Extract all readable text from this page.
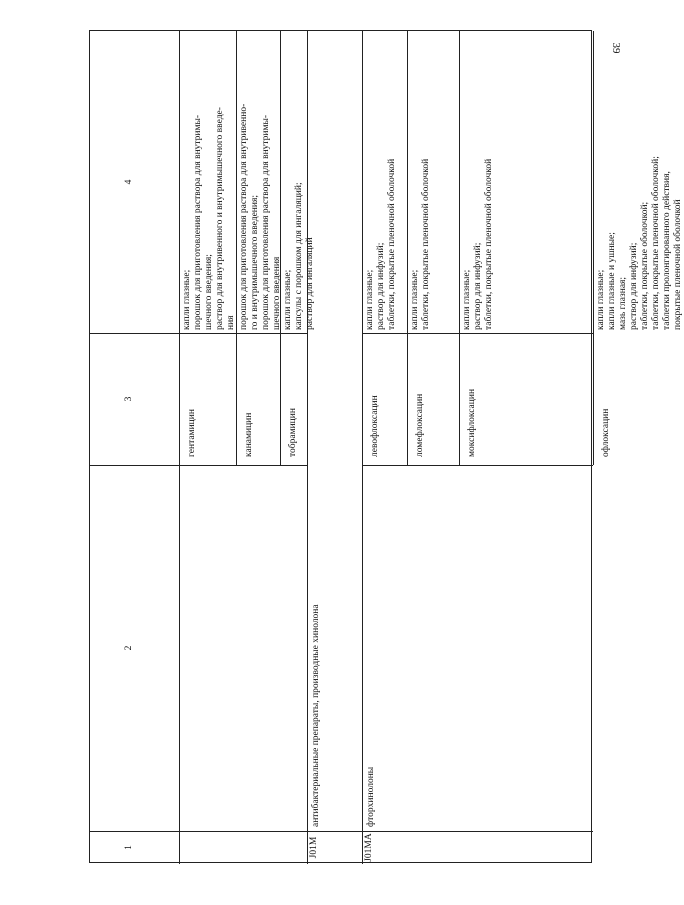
39
4
3
2
1
капли глазные; порошок для приготовления раствора для внутримы- шечного введения; раствор для внутривенного и внутримышечного введе- ния
гентамицин
порошок для приготовления раствора для внутривенно- го и внутримышечного введения; порошок для приготовления раствора для внутримы- шечного введения
канамицин
капли глазные; капсулы с порошком для ингаляций; раствор для ингаляций
тобрамицин
антибактериальные препараты, производные хинолона
J01M
капли глазные; раствор для инфузий; таблетки, покрытые пленочной оболочкой
левофлоксацин
фторхинолоны
J01MA
капли глазные; таблетки, покрытые пленочной оболочкой
ломефлоксацин
капли глазные; раствор для инфузий; таблетки, покрытые пленочной оболочкой
моксифлоксацин
капли глазные; капли глазные и ушные; мазь глазная; раствор для инфузий; таблетки, покрытые оболочкой; таблетки, покрытые пленочной оболочкой; таблетки пролонгированного действия, покрытые пленочной оболочкой
офлоксацин
